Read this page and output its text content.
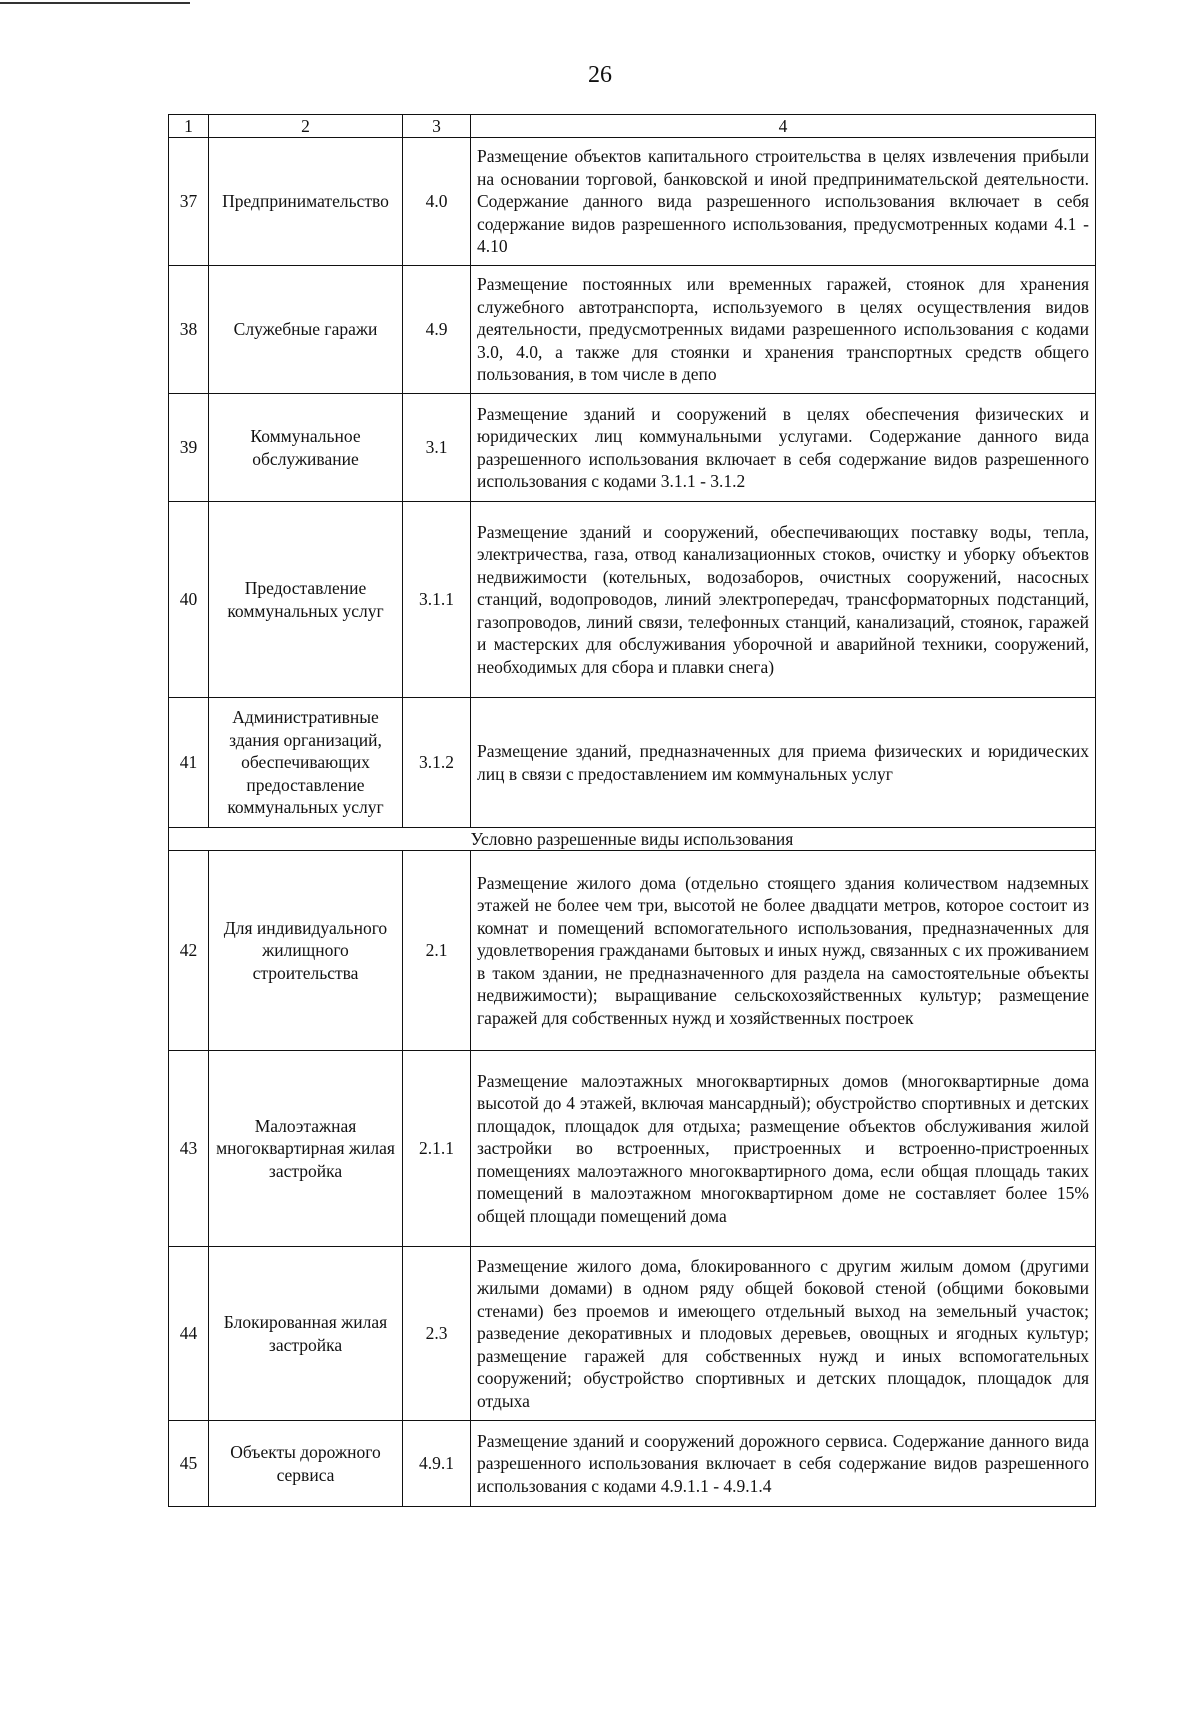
26
1	2	3	4
37	Предпринимательство	4.0	Размещение объектов капитального строительства в целях извлечения прибыли на основании торговой, банковской и иной предпринимательской деятельности. Содержание данного вида разрешенного использования включает в себя содержание видов разрешенного использования, предусмотренных кодами 4.1 - 4.10
38	Служебные гаражи	4.9	Размещение постоянных или временных гаражей, стоянок для хранения служебного автотранспорта, используемого в целях осуществления видов деятельности, предусмотренных видами разрешенного использования с кодами 3.0, 4.0, а также для стоянки и хранения транспортных средств общего пользования, в том числе в депо
39	Коммунальное обслуживание	3.1	Размещение зданий и сооружений в целях обеспечения физических и юридических лиц коммунальными услугами. Содержание данного вида разрешенного использования включает в себя содержание видов разрешенного использования с кодами 3.1.1 - 3.1.2
40	Предоставление коммунальных услуг	3.1.1	Размещение зданий и сооружений, обеспечивающих поставку воды, тепла, электричества, газа, отвод канализационных стоков, очистку и уборку объектов недвижимости (котельных, водозаборов, очистных сооружений, насосных станций, водопроводов, линий электропередач, трансформаторных подстанций, газопроводов, линий связи, телефонных станций, канализаций, стоянок, гаражей и мастерских для обслуживания уборочной и аварийной техники, сооружений, необходимых для сбора и плавки снега)
41	Административные здания организаций, обеспечивающих предоставление коммунальных услуг	3.1.2	Размещение зданий, предназначенных для приема физических и юридических лиц в связи с предоставлением им коммунальных услуг
Условно разрешенные виды использования			
42	Для индивидуального жилищного строительства	2.1	Размещение жилого дома (отдельно стоящего здания количеством надземных этажей не более чем три, высотой не более двадцати метров, которое состоит из комнат и помещений вспомогательного использования, предназначенных для удовлетворения гражданами бытовых и иных нужд, связанных с их проживанием в таком здании, не предназначенного для раздела на самостоятельные объекты недвижимости); выращивание сельскохозяйственных культур; размещение гаражей для собственных нужд и хозяйственных построек
43	Малоэтажная многоквартирная жилая застройка	2.1.1	Размещение малоэтажных многоквартирных домов (многоквартирные дома высотой до 4 этажей, включая мансардный); обустройство спортивных и детских площадок, площадок для отдыха; размещение объектов обслуживания жилой застройки во встроенных, пристроенных и встроенно-пристроенных помещениях малоэтажного многоквартирного дома, если общая площадь таких помещений в малоэтажном многоквартирном доме не составляет более 15% общей площади помещений дома
44	Блокированная жилая застройка	2.3	Размещение жилого дома, блокированного с другим жилым домом (другими жилыми домами) в одном ряду общей боковой стеной (общими боковыми стенами) без проемов и имеющего отдельный выход на земельный участок; разведение декоративных и плодовых деревьев, овощных и ягодных культур; размещение гаражей для собственных нужд и иных вспомогательных сооружений; обустройство спортивных и детских площадок, площадок для отдыха
45	Объекты дорожного сервиса	4.9.1	Размещение зданий и сооружений дорожного сервиса. Содержание данного вида разрешенного использования включает в себя содержание видов разрешенного использования с кодами 4.9.1.1 - 4.9.1.4
